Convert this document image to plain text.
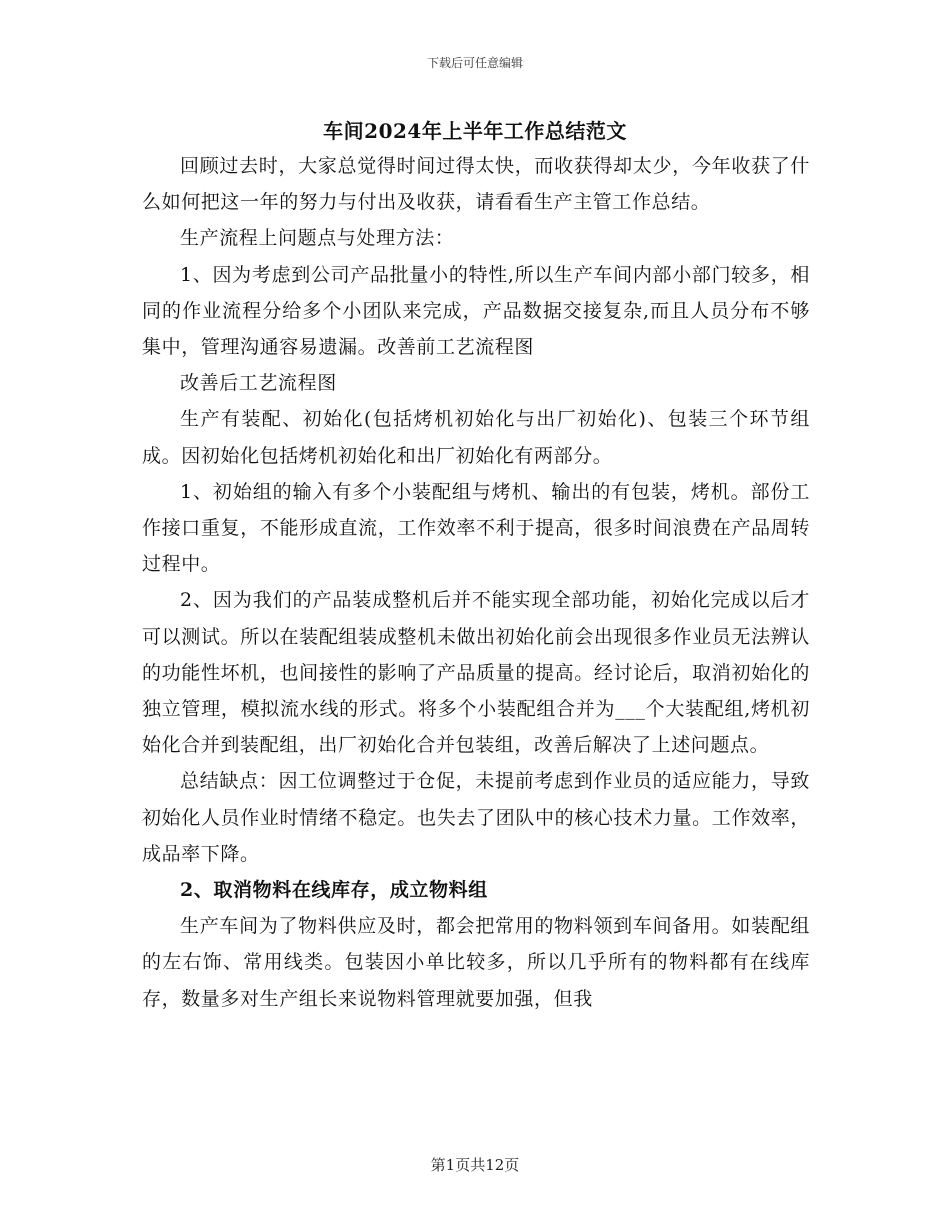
下载后可任意编辑
车间2024年上半年工作总结范文

回顾过去时，大家总觉得时间过得太快，而收获得却太少，今年收获了什么如何把这一年的努力与付出及收获，请看看生产主管工作总结。

生产流程上问题点与处理方法：

1、因为考虑到公司产品批量小的特性,所以生产车间内部小部门较多，相同的作业流程分给多个小团队来完成，产品数据交接复杂,而且人员分布不够集中，管理沟通容易遗漏。改善前工艺流程图

改善后工艺流程图

生产有装配、初始化(包括烤机初始化与出厂初始化)、包装三个环节组成。因初始化包括烤机初始化和出厂初始化有两部分。

1、初始组的输入有多个小装配组与烤机、输出的有包装，烤机。部份工作接口重复，不能形成直流，工作效率不利于提高，很多时间浪费在产品周转过程中。

2、因为我们的产品装成整机后并不能实现全部功能，初始化完成以后才可以测试。所以在装配组装成整机未做出初始化前会出现很多作业员无法辨认的功能性坏机，也间接性的影响了产品质量的提高。经讨论后，取消初始化的独立管理，模拟流水线的形式。将多个小装配组合并为___个大装配组,烤机初始化合并到装配组，出厂初始化合并包装组，改善后解决了上述问题点。

总结缺点：因工位调整过于仓促，未提前考虑到作业员的适应能力，导致初始化人员作业时情绪不稳定。也失去了团队中的核心技术力量。工作效率，成品率下降。

2、取消物料在线库存，成立物料组

生产车间为了物料供应及时，都会把常用的物料领到车间备用。如装配组的左右饰、常用线类。包装因小单比较多，所以几乎所有的物料都有在线库存，数量多对生产组长来说物料管理就要加强，但我

第1页共12页
